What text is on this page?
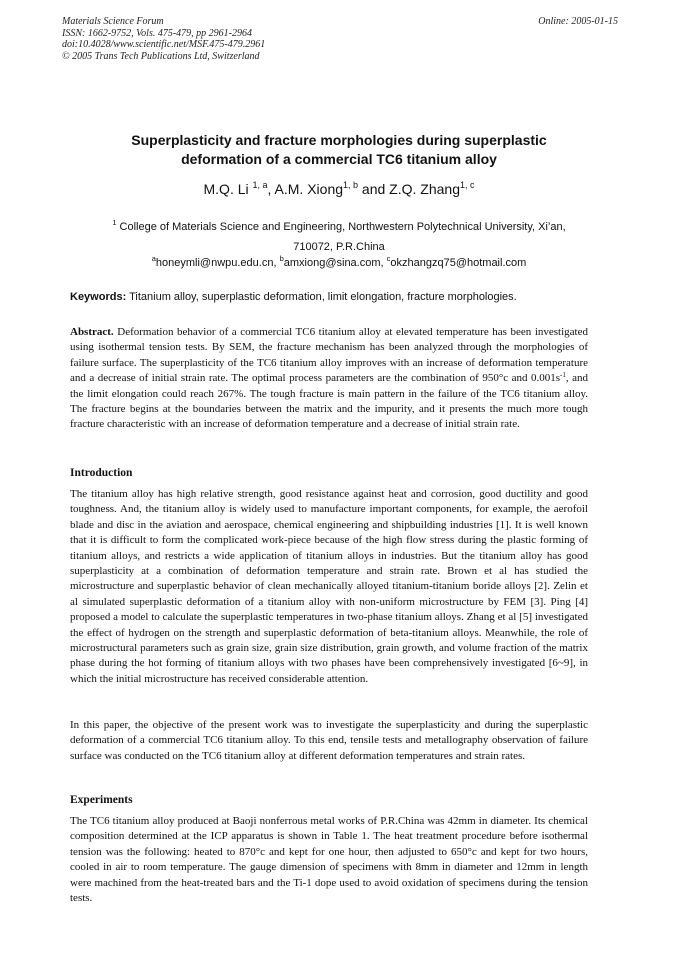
Materials Science Forum
ISSN: 1662-9752, Vols. 475-479, pp 2961-2964
doi:10.4028/www.scientific.net/MSF.475-479.2961
© 2005 Trans Tech Publications Ltd, Switzerland
Online: 2005-01-15
Superplasticity and fracture morphologies during superplastic
deformation of a commercial TC6 titanium alloy
M.Q. Li $^{1, a}$, A.M. Xiong$^{1, b}$ and Z.Q. Zhang$^{1, c}$
$^1$ College of Materials Science and Engineering, Northwestern Polytechnical University, Xi’an,
710072, P.R.China
$^a$honeymli@nwpu.edu.cn, $^b$amxiong@sina.com, $^c$okzhangzq75@hotmail.com
Keywords: Titanium alloy, superplastic deformation, limit elongation, fracture morphologies.
Abstract. Deformation behavior of a commercial TC6 titanium alloy at elevated temperature has been investigated using isothermal tension tests. By SEM, the fracture mechanism has been analyzed through the morphologies of failure surface. The superplasticity of the TC6 titanium alloy improves with an increase of deformation temperature and a decrease of initial strain rate. The optimal process parameters are the combination of 950°c and $0.001s^{-1}$, and the limit elongation could reach 267%. The tough fracture is main pattern in the failure of the TC6 titanium alloy. The fracture begins at the boundaries between the matrix and the impurity, and it presents the much more tough fracture characteristic with an increase of deformation temperature and a decrease of initial strain rate.
Introduction
The titanium alloy has high relative strength, good resistance against heat and corrosion, good ductility and good toughness. And, the titanium alloy is widely used to manufacture important components, for example, the aerofoil blade and disc in the aviation and aerospace, chemical engineering and shipbuilding industries [1]. It is well known that it is difficult to form the complicated work-piece because of the high flow stress during the plastic forming of titanium alloys, and restricts a wide application of titanium alloys in industries. But the titanium alloy has good superplasticity at a combination of deformation temperature and strain rate. Brown et al has studied the microstructure and superplastic behavior of clean mechanically alloyed titanium-titanium boride alloys [2]. Zelin et al simulated superplastic deformation of a titanium alloy with non-uniform microstructure by FEM [3]. Ping [4] proposed a model to calculate the superplastic temperatures in two-phase titanium alloys. Zhang et al [5] investigated the effect of hydrogen on the strength and superplastic deformation of beta-titanium alloys. Meanwhile, the role of microstructural parameters such as grain size, grain size distribution, grain growth, and volume fraction of the matrix phase during the hot forming of titanium alloys with two phases have been comprehensively investigated [6~9], in which the initial microstructure has received considerable attention.
In this paper, the objective of the present work was to investigate the superplasticity and during the superplastic deformation of a commercial TC6 titanium alloy. To this end, tensile tests and metallography observation of failure surface was conducted on the TC6 titanium alloy at different deformation temperatures and strain rates.
Experiments
The TC6 titanium alloy produced at Baoji nonferrous metal works of P.R.China was 42mm in diameter. Its chemical composition determined at the ICP apparatus is shown in Table 1. The heat treatment procedure before isothermal tension was the following: heated to 870°c and kept for one hour, then adjusted to 650°c and kept for two hours, cooled in air to room temperature. The gauge dimension of specimens with 8mm in diameter and 12mm in length were machined from the heat-treated bars and the Ti-1 dope used to avoid oxidation of specimens during the tension tests.
